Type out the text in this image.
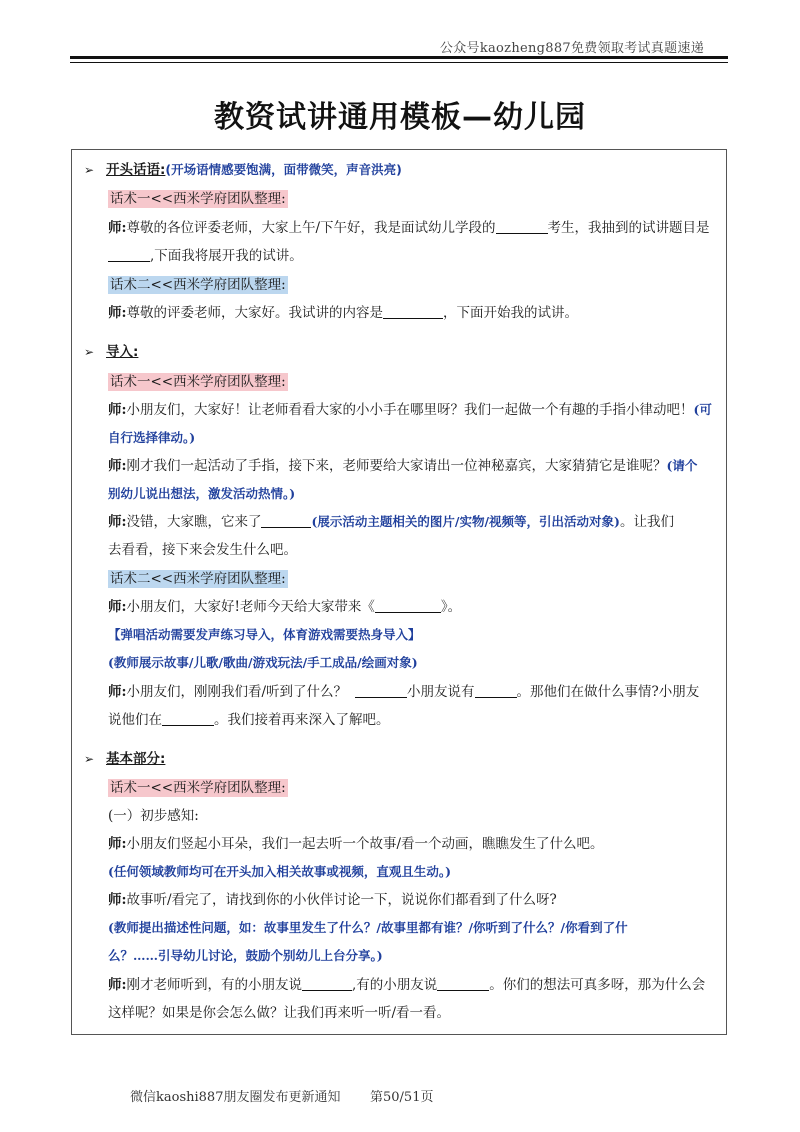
公众号kaozheng887免费领取考试真题速递
教资试讲通用模板—幼儿园
➢ 开头话语:(开场语情感要饱满，面带微笑，声音洪亮)
话术一<<西米学府团队整理:
师:尊敬的各位评委老师，大家上午/下午好，我是面试幼儿学段的	考生，我抽到的试讲题目是
,下面我将展开我的试讲。
话术二<<西米学府团队整理:
师:尊敬的评委老师，大家好。我试讲的内容是	，下面开始我的试讲。
➢ 导入:
话术一<<西米学府团队整理:
师:小朋友们，大家好！让老师看看大家的小小手在哪里呀？我们一起做一个有趣的手指小律动吧！(可
自行选择律动。)
师:刚才我们一起活动了手指，接下来，老师要给大家请出一位神秘嘉宾，大家猜猜它是谁呢？(请个
别幼儿说出想法，激发活动热情。)
师:没错，大家瞧，它来了	(展示活动主题相关的图片/实物/视频等，引出活动对象)。让我们
去看看，接下来会发生什么吧。
话术二<<西米学府团队整理:
师:小朋友们，大家好!老师今天给大家带来《	》。
【弹唱活动需要发声练习导入，体育游戏需要热身导入】
(教师展示故事/儿歌/歌曲/游戏玩法/手工成品/绘画对象)
师:小朋友们，刚刚我们看/听到了什么？	小朋友说有	。那他们在做什么事情?小朋友
说他们在	。我们接着再来深入了解吧。
➢ 基本部分:
话术一<<西米学府团队整理:
(一）初步感知:
师:小朋友们竖起小耳朵，我们一起去听一个故事/看一个动画，瞧瞧发生了什么吧。
(任何领域教师均可在开头加入相关故事或视频，直观且生动。)
师:故事听/看完了，请找到你的小伙伴讨论一下，说说你们都看到了什么呀?
(教师提出描述性问题，如：故事里发生了什么？/故事里都有谁？/你听到了什么？/你看到了什
么？……引导幼儿讨论，鼓励个别幼儿上台分享。)
师:刚才老师听到，有的小朋友说	,有的小朋友说	。你们的想法可真多呀，那为什么会
这样呢？如果是你会怎么做？让我们再来听一听/看一看。
微信kaoshi887朋友圈发布更新通知 第50/51页
